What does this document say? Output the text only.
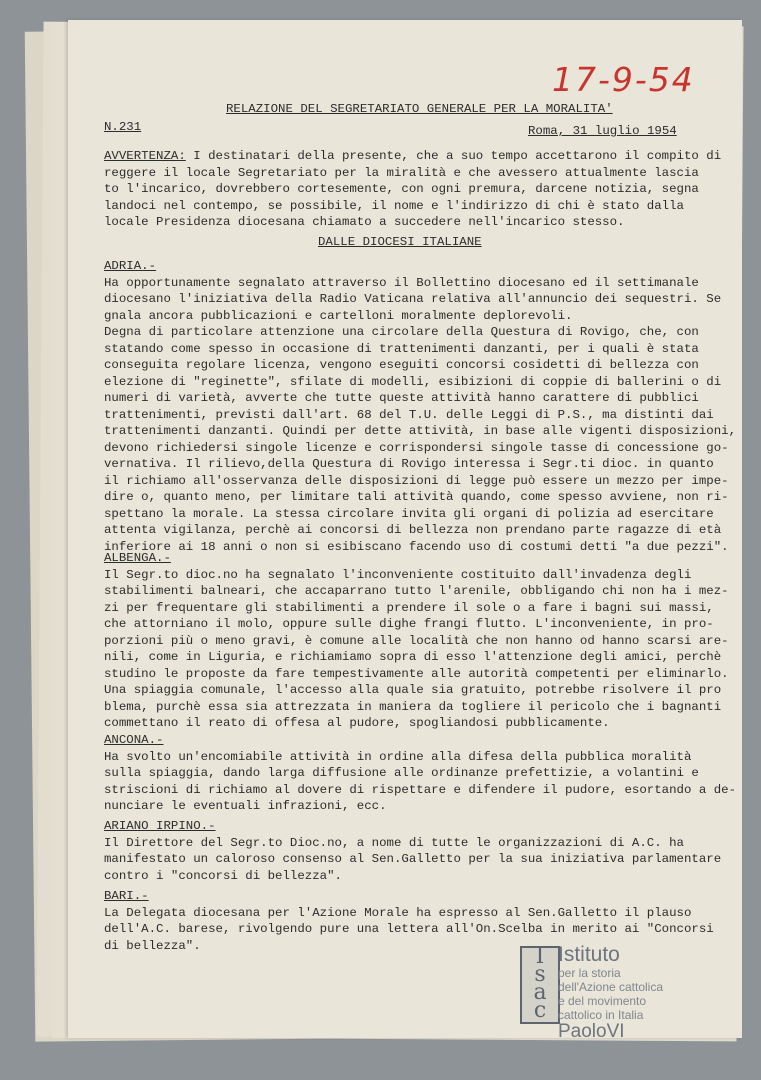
17-9-54
RELAZIONE DEL SEGRETARIATO GENERALE PER LA MORALITA'
N.231	Roma, 31 luglio 1954

AVVERTENZA: I destinatari della presente, che a suo tempo accettarono il compito di

reggere il locale Segretariato per la miralità e che avessero attualmente lascia

to l'incarico, dovrebbero cortesemente, con ogni premura, darcene notizia, segna

landoci nel contempo, se possibile, il nome e l'indirizzo di chi è stato dalla

locale Presidenza diocesana chiamato a succedere nell'incarico stesso.

DALLE DIOCESI ITALIANE

ADRIA.-

Ha opportunamente segnalato attraverso il Bollettino diocesano ed il settimanale

diocesano l'iniziativa della Radio Vaticana relativa all'annuncio dei sequestri. Se

gnala ancora pubblicazioni e cartelloni moralmente deplorevoli.

Degna di particolare attenzione una circolare della Questura di Rovigo, che, con

statando come spesso in occasione di trattenimenti danzanti, per i quali è stata

conseguita regolare licenza, vengono eseguiti concorsi cosidetti di bellezza con

elezione di "reginette", sfilate di modelli, esibizioni di coppie di ballerini o di

numeri di varietà, avverte che tutte queste attività hanno carattere di pubblici

trattenimenti, previsti dall'art. 68 del T.U. delle Leggi di P.S., ma distinti dai

trattenimenti danzanti. Quindi per dette attività, in base alle vigenti disposizioni,

devono richiedersi singole licenze e corrispondersi singole tasse di concessione go-

vernativa. Il rilievo,della Questura di Rovigo interessa i Segr.ti dioc. in quanto

il richiamo all'osservanza delle disposizioni di legge può essere un mezzo per impe-

dire o, quanto meno, per limitare tali attività quando, come spesso avviene, non ri-

spettano la morale. La stessa circolare invita gli organi di polizia ad esercitare

attenta vigilanza, perchè ai concorsi di bellezza non prendano parte ragazze di età

inferiore ai 18 anni o non si esibiscano facendo uso di costumi detti "a due pezzi".

ALBENGA.-

Il Segr.to dioc.no ha segnalato l'inconveniente costituito dall'invadenza degli

stabilimenti balneari, che accaparrano tutto l'arenile, obbligando chi non ha i mez-

zi per frequentare gli stabilimenti a prendere il sole o a fare i bagni sui massi,

che attorniano il molo, oppure sulle dighe frangi flutto. L'inconveniente, in pro-

porzioni più o meno gravi, è comune alle località che non hanno od hanno scarsi are-

nili, come in Liguria, e richiamiamo sopra di esso l'attenzione degli amici, perchè

studino le proposte da fare tempestivamente alle autorità competenti per eliminarlo.

Una spiaggia comunale, l'accesso alla quale sia gratuito, potrebbe risolvere il pro

blema, purchè essa sia attrezzata in maniera da togliere il pericolo che i bagnanti

commettano il reato di offesa al pudore, spogliandosi pubblicamente.

ANCONA.-

Ha svolto un'encomiabile attività in ordine alla difesa della pubblica moralità

sulla spiaggia, dando larga diffusione alle ordinanze prefettizie, a volantini e

striscioni di richiamo al dovere di rispettare e difendere il pudore, esortando a de-

nunciare le eventuali infrazioni, ecc.

ARIANO IRPINO.-

Il Direttore del Segr.to Dioc.no, a nome di tutte le organizzazioni di A.C. ha

manifestato un caloroso consenso al Sen.Galletto per la sua iniziativa parlamentare

contro i "concorsi di bellezza".

BARI.-

La Delegata diocesana per l'Azione Morale ha espresso al Sen.Galletto il plauso

dell'A.C. barese, rivolgendo pure una lettera all'On.Scelba in merito ai "Concorsi

di bellezza".	I
s
a
c
Istituto
per la storia
dell'Azione cattolica
e del movimento
cattolico in Italia
PaoloVI
